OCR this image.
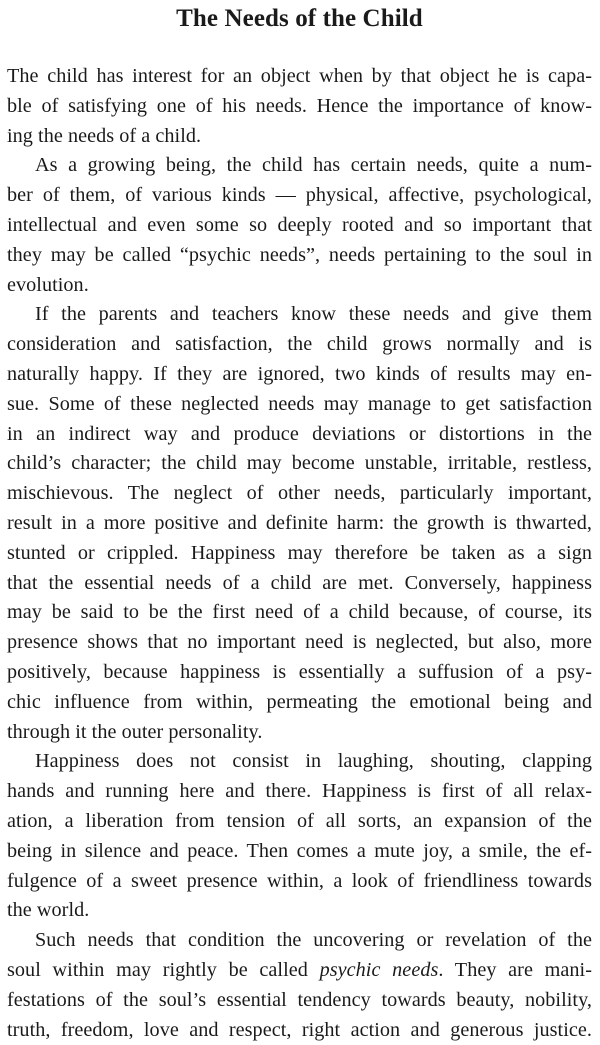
The Needs of the Child

The child has interest for an object when by that object he is capa-
ble of satisfying one of his needs. Hence the importance of know-
ing the needs of a child.

As a growing being, the child has certain needs, quite a num-
ber of them, of various kinds — physical, affective, psychological,
intellectual and even some so deeply rooted and so important that
they may be called “psychic needs”, needs pertaining to the soul in
evolution.

If the parents and teachers know these needs and give them
consideration and satisfaction, the child grows normally and is
naturally happy. If they are ignored, two kinds of results may en-
sue. Some of these neglected needs may manage to get satisfaction
in an indirect way and produce deviations or distortions in the
child’s character; the child may become unstable, irritable, restless,
mischievous. The neglect of other needs, particularly important,
result in a more positive and definite harm: the growth is thwarted,
stunted or crippled. Happiness may therefore be taken as a sign
that the essential needs of a child are met. Conversely, happiness
may be said to be the first need of a child because, of course, its
presence shows that no important need is neglected, but also, more
positively, because happiness is essentially a suffusion of a psy-
chic influence from within, permeating the emotional being and
through it the outer personality.

Happiness does not consist in laughing, shouting, clapping
hands and running here and there. Happiness is first of all relax-
ation, a liberation from tension of all sorts, an expansion of the
being in silence and peace. Then comes a mute joy, a smile, the ef-
fulgence of a sweet presence within, a look of friendliness towards
the world.

Such needs that condition the uncovering or revelation of the
soul within may rightly be called psychic needs. They are mani-
festations of the soul’s essential tendency towards beauty, nobility,
truth, freedom, love and respect, right action and generous justice.
